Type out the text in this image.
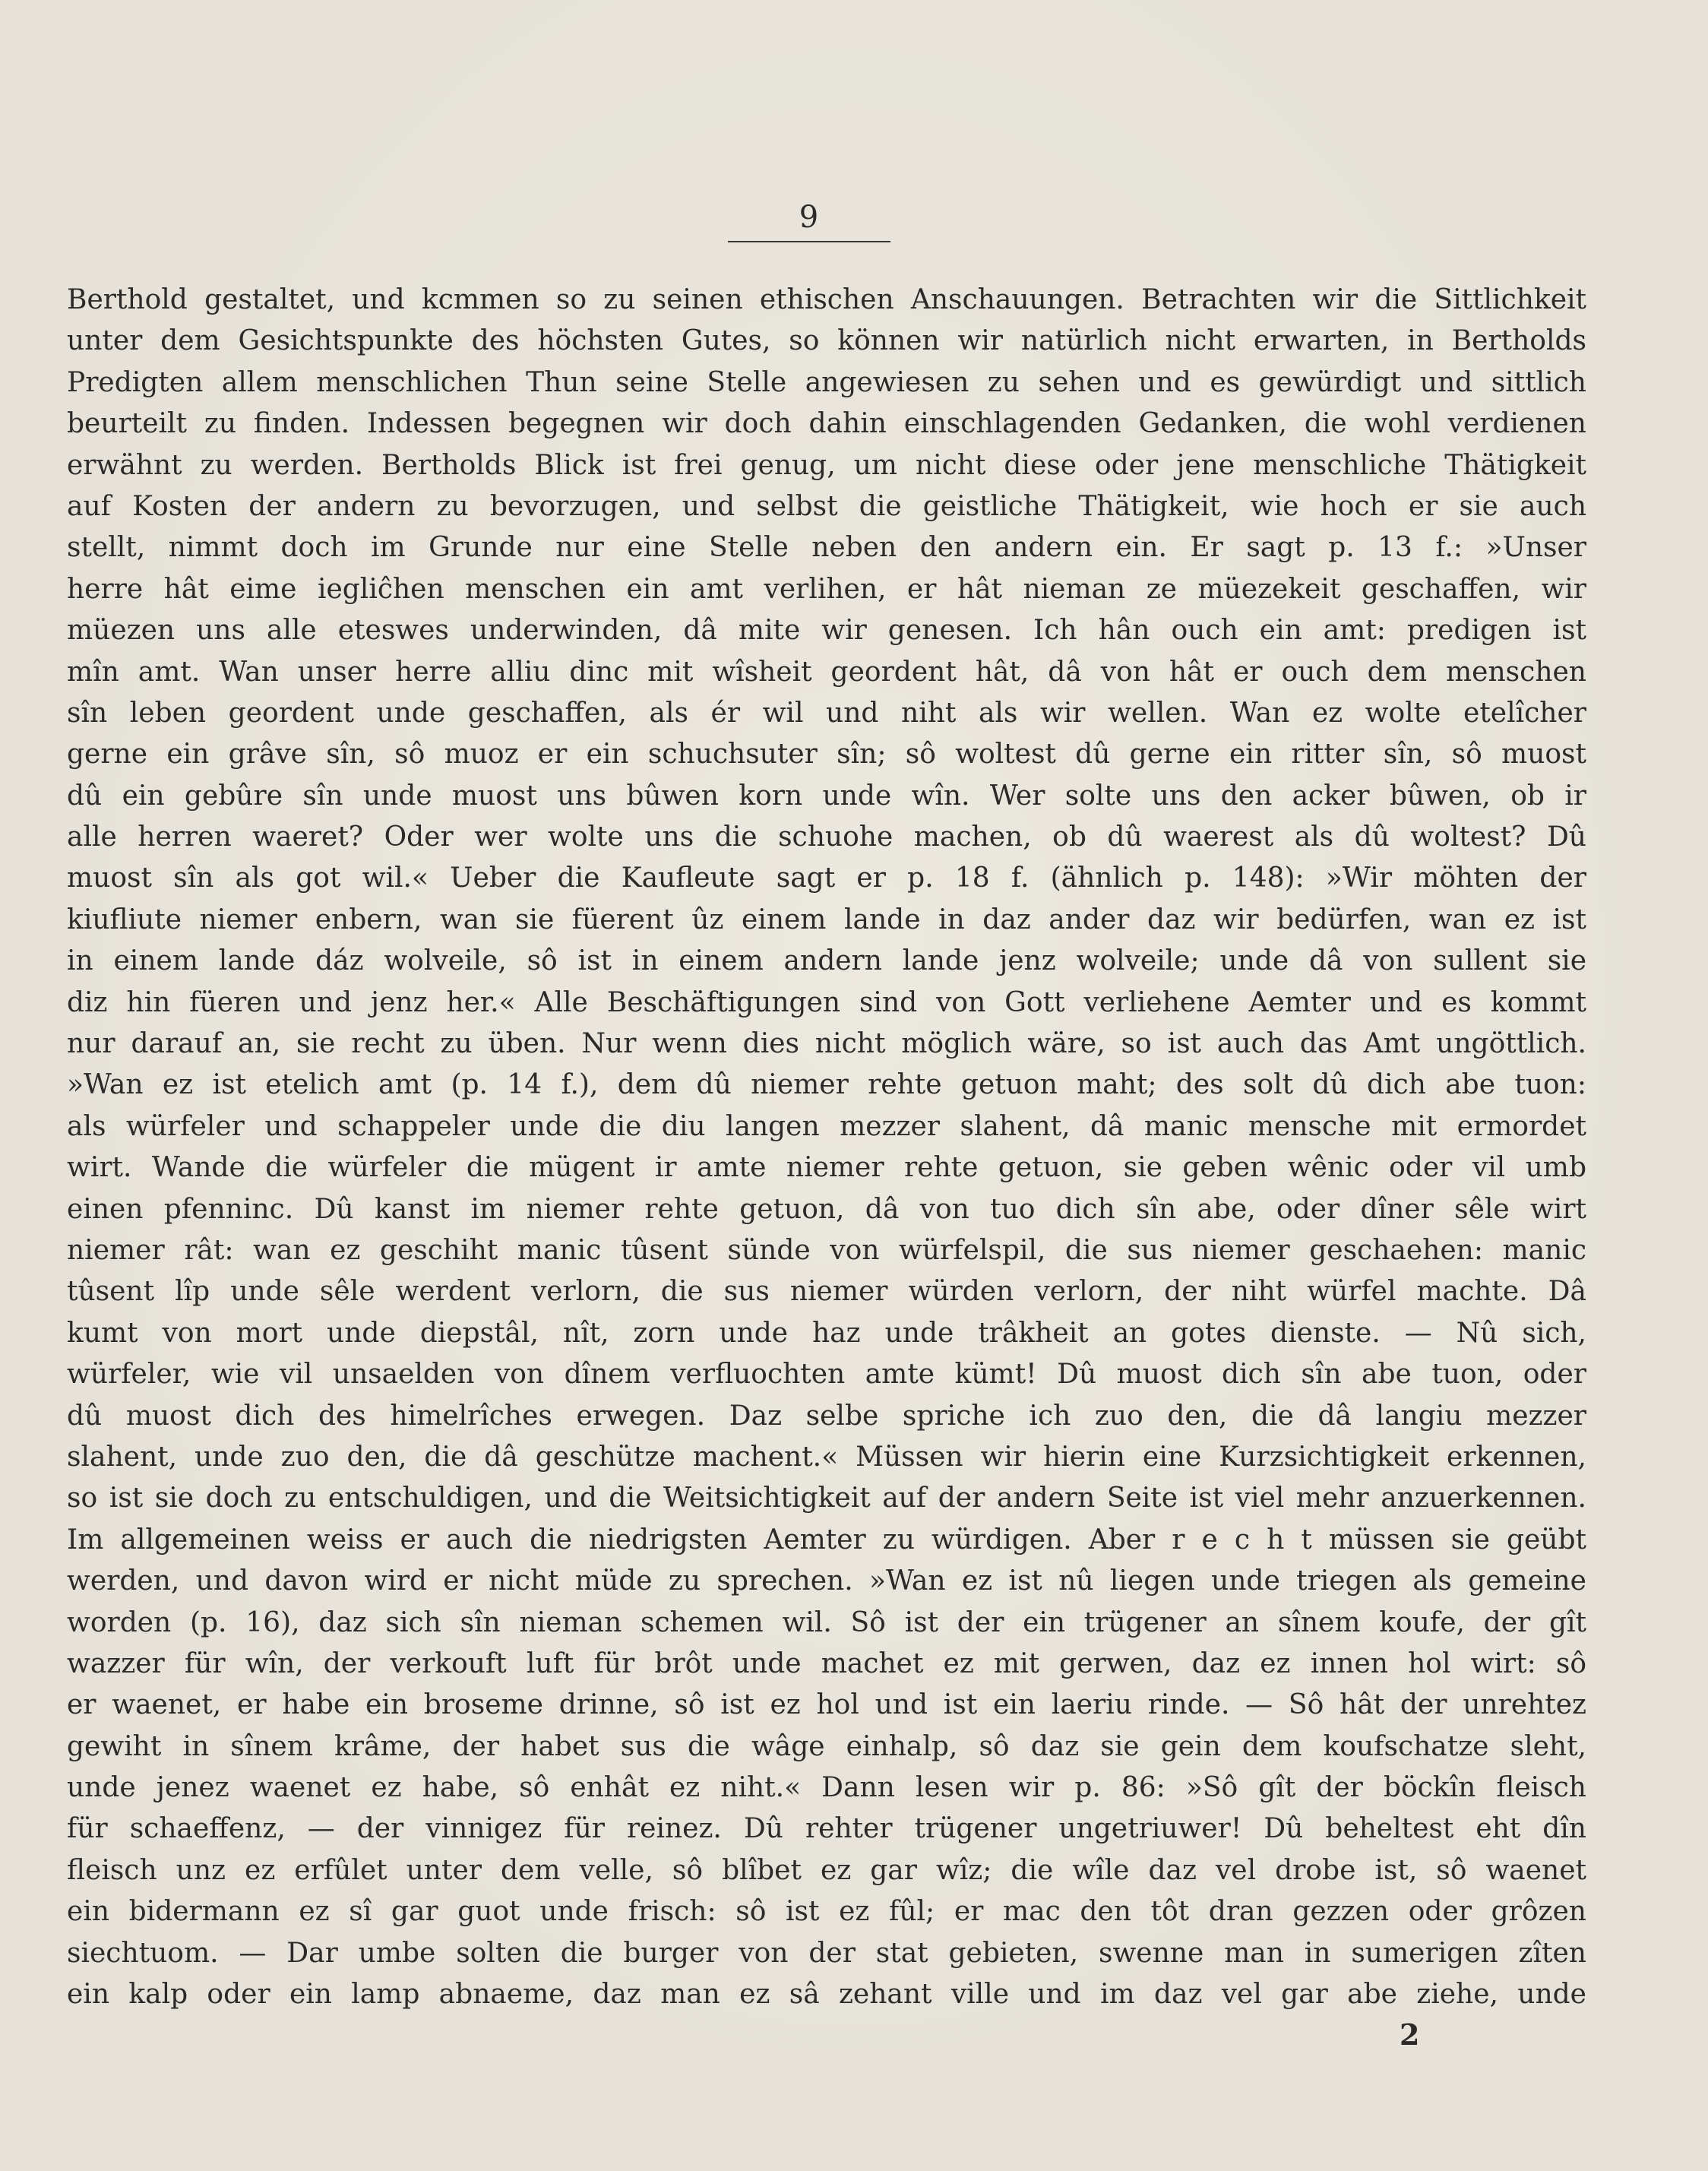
9
Berthold gestaltet, und kcmmen so zu seinen ethischen Anschauungen. Betrachten wir die Sittlichkeit
unter dem Gesichtspunkte des höchsten Gutes, so können wir natürlich nicht erwarten, in Bertholds
Predigten allem menschlichen Thun seine Stelle angewiesen zu sehen und es gewürdigt und sittlich
beurteilt zu finden. Indessen begegnen wir doch dahin einschlagenden Gedanken, die wohl verdienen
erwähnt zu werden. Bertholds Blick ist frei genug, um nicht diese oder jene menschliche Thätigkeit
auf Kosten der andern zu bevorzugen, und selbst die geistliche Thätigkeit, wie hoch er sie auch
stellt, nimmt doch im Grunde nur eine Stelle neben den andern ein. Er sagt p. 13 f.: »Unser
herre hât eime iegliĉhen menschen ein amt verlihen, er hât nieman ze müezekeit geschaffen, wir
müezen uns alle eteswes underwinden, dâ mite wir genesen. Ich hân ouch ein amt: predigen ist
mîn amt. Wan unser herre alliu dinc mit wîsheit geordent hât, dâ von hât er ouch dem menschen
sîn leben geordent unde geschaffen, als ér wil und niht als wir wellen. Wan ez wolte etelîcher
gerne ein grâve sîn, sô muoz er ein schuchsuter sîn; sô woltest dû gerne ein ritter sîn, sô muost
dû ein gebûre sîn unde muost uns bûwen korn unde wîn. Wer solte uns den acker bûwen, ob ir
alle herren waeret? Oder wer wolte uns die schuohe machen, ob dû waerest als dû woltest? Dû
muost sîn als got wil.« Ueber die Kaufleute sagt er p. 18 f. (ähnlich p. 148): »Wir möhten der
kiufliute niemer enbern, wan sie füerent ûz einem lande in daz ander daz wir bedürfen, wan ez ist
in einem lande dáz wolveile, sô ist in einem andern lande jenz wolveile; unde dâ von sullent sie
diz hin füeren und jenz her.« Alle Beschäftigungen sind von Gott verliehene Aemter und es kommt
nur darauf an, sie recht zu üben. Nur wenn dies nicht möglich wäre, so ist auch das Amt ungöttlich.
»Wan ez ist etelich amt (p. 14 f.), dem dû niemer rehte getuon maht; des solt dû dich abe tuon:
als würfeler und schappeler unde die diu langen mezzer slahent, dâ manic mensche mit ermordet
wirt. Wande die würfeler die mügent ir amte niemer rehte getuon, sie geben wênic oder vil umb
einen pfenninc. Dû kanst im niemer rehte getuon, dâ von tuo dich sîn abe, oder dîner sêle wirt
niemer rât: wan ez geschiht manic tûsent sünde von würfelspil, die sus niemer geschaehen: manic
tûsent lîp unde sêle werdent verlorn, die sus niemer würden verlorn, der niht würfel machte. Dâ
kumt von mort unde diepstâl, nît, zorn unde haz unde trâkheit an gotes dienste. — Nû sich,
würfeler, wie vil unsaelden von dînem verfluochten amte kümt! Dû muost dich sîn abe tuon, oder
dû muost dich des himelrîches erwegen. Daz selbe spriche ich zuo den, die dâ langiu mezzer
slahent, unde zuo den, die dâ geschütze machent.« Müssen wir hierin eine Kurzsichtigkeit erkennen,
so ist sie doch zu entschuldigen, und die Weitsichtigkeit auf der andern Seite ist viel mehr anzuerkennen.
Im allgemeinen weiss er auch die niedrigsten Aemter zu würdigen. Aber r e c h t müssen sie geübt
werden, und davon wird er nicht müde zu sprechen. »Wan ez ist nû liegen unde triegen als gemeine
worden (p. 16), daz sich sîn nieman schemen wil. Sô ist der ein trügener an sînem koufe, der gît
wazzer für wîn, der verkouft luft für brôt unde machet ez mit gerwen, daz ez innen hol wirt: sô
er waenet, er habe ein broseme drinne, sô ist ez hol und ist ein laeriu rinde. — Sô hât der unrehtez
gewiht in sînem krâme, der habet sus die wâge einhalp, sô daz sie gein dem koufschatze sleht,
unde jenez waenet ez habe, sô enhât ez niht.« Dann lesen wir p. 86: »Sô gît der böckîn fleisch
für schaeffenz, — der vinnigez für reinez. Dû rehter trügener ungetriuwer! Dû beheltest eht dîn
fleisch unz ez erfûlet unter dem velle, sô blîbet ez gar wîz; die wîle daz vel drobe ist, sô waenet
ein bidermann ez sî gar guot unde frisch: sô ist ez fûl; er mac den tôt dran gezzen oder grôzen
siechtuom. — Dar umbe solten die burger von der stat gebieten, swenne man in sumerigen zîten
ein kalp oder ein lamp abnaeme, daz man ez sâ zehant ville und im daz vel gar abe ziehe, unde
2
